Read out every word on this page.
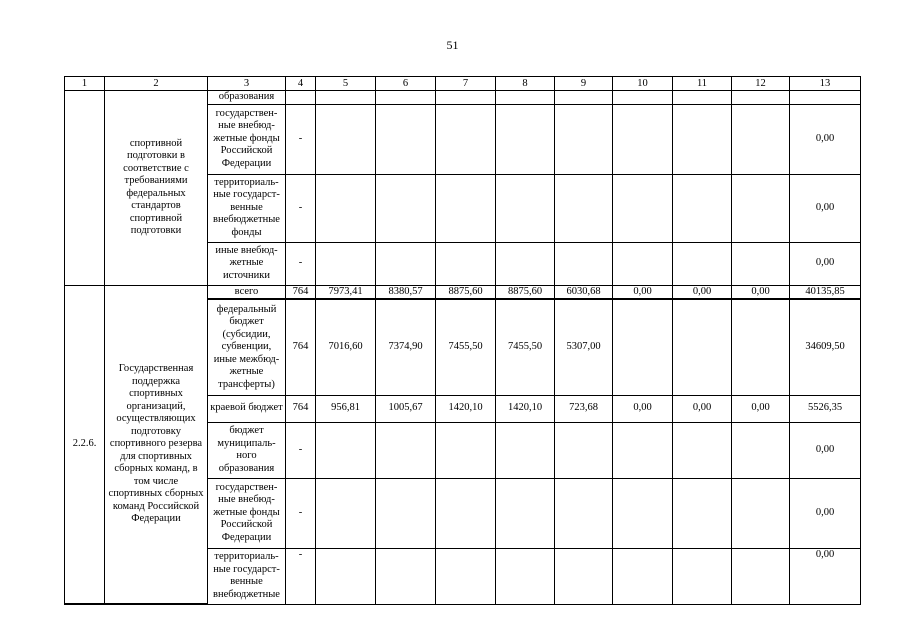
51
1	2	3	4	5	6	7	8	9	10	11	12	13
	спортивной подготовки в соответствие с требованиями федеральных стандартов спортивной подготовки	образования										
		государствен-ные внебюд-жетные фонды Российской Федерации	-									0,00
		территориаль-ные государст-венные внебюджетные фонды	-									0,00
		иные внебюд-жетные источники	-									0,00
2.2.6.	Государственная поддержка спортивных организаций, осуществляющих подготовку спортивного резерва для спортивных сборных команд, в том числе спортивных сборных команд Российской Федерации	всего	764	7973,41	8380,57	8875,60	8875,60	6030,68	0,00	0,00	0,00	40135,85
		федеральный бюджет (субсидии, субвенции, иные межбюд-жетные трансферты)	764	7016,60	7374,90	7455,50	7455,50	5307,00				34609,50
		краевой бюджет	764	956,81	1005,67	1420,10	1420,10	723,68	0,00	0,00	0,00	5526,35
		бюджет муниципаль-ного образования	-									0,00
		государствен-ные внебюд-жетные фонды Российской Федерации	-									0,00
		территориаль-ные государст-венные внебюджетные	-									0,00
